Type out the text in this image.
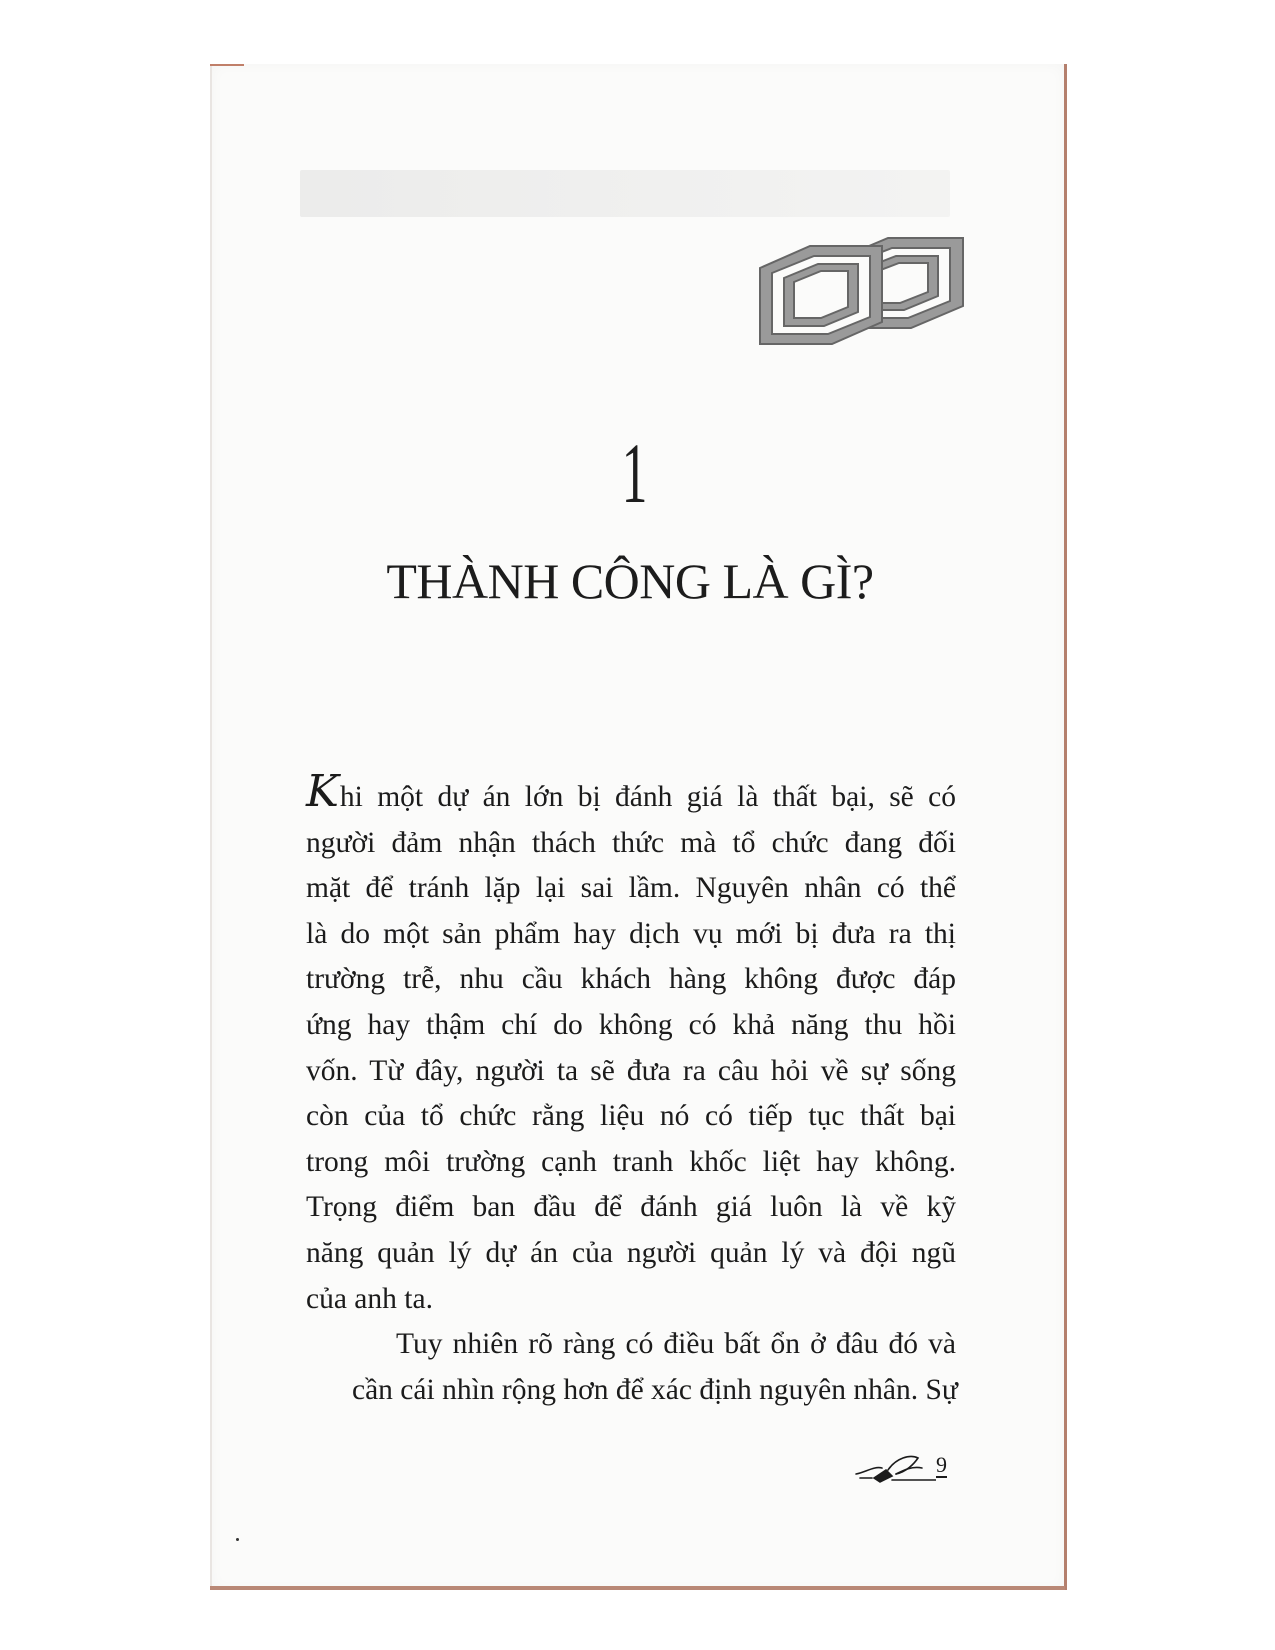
1
THÀNH CÔNG LÀ GÌ?

Khi một dự án lớn bị đánh giá là thất bại, sẽ có
người đảm nhận thách thức mà tổ chức đang đối
mặt để tránh lặp lại sai lầm. Nguyên nhân có thể
là do một sản phẩm hay dịch vụ mới bị đưa ra thị
trường trễ, nhu cầu khách hàng không được đáp
ứng hay thậm chí do không có khả năng thu hồi
vốn. Từ đây, người ta sẽ đưa ra câu hỏi về sự sống
còn của tổ chức rằng liệu nó có tiếp tục thất bại
trong môi trường cạnh tranh khốc liệt hay không.
Trọng điểm ban đầu để đánh giá luôn là về kỹ
năng quản lý dự án của người quản lý và đội ngũ
của anh ta.

Tuy nhiên rõ ràng có điều bất ổn ở đâu đó và
cần cái nhìn rộng hơn để xác định nguyên nhân. Sự

9
